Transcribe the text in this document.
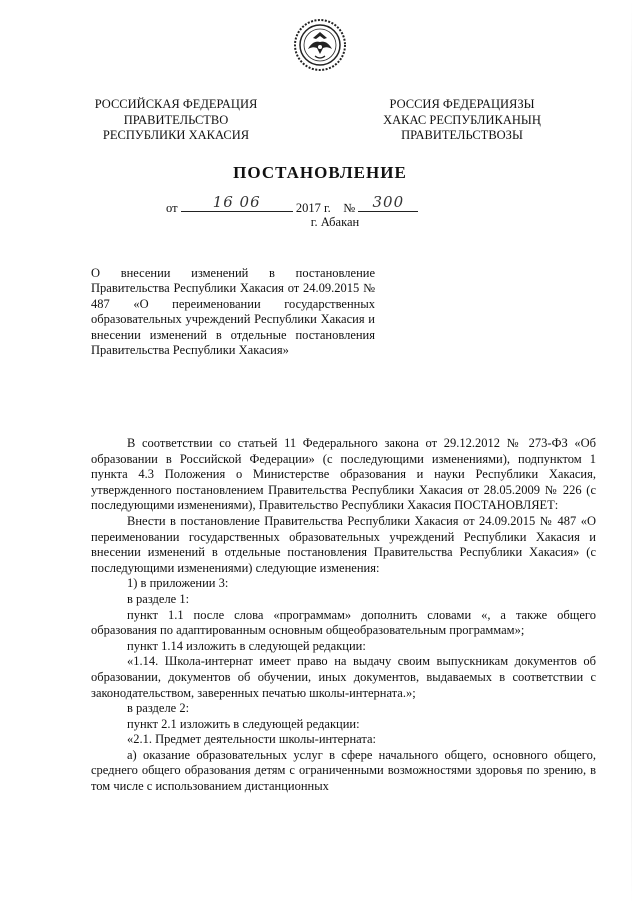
РОССИЙСКАЯ ФЕДЕРАЦИЯ
ПРАВИТЕЛЬСТВО
РЕСПУБЛИКИ ХАКАСИЯ
РОССИЯ ФЕДЕРАЦИЯЗЫ
ХАКАС РЕСПУБЛИКАНЫҢ
ПРАВИТЕЛЬСТВОЗЫ
ПОСТАНОВЛЕНИЕ
от	16 06	2017 г. №	300
г. Абакан

О внесении изменений в постановление Правительства Республики Хакасия от 24.09.2015 № 487 «О переименовании государственных образовательных учреждений Республики Хакасия и внесении изменений в отдельные постановления Правительства Республики Хакасия»

В соответствии со статьей 11 Федерального закона от 29.12.2012 № 273-ФЗ «Об образовании в Российской Федерации» (с последующими изменениями), подпунктом 1 пункта 4.3 Положения о Министерстве образования и науки Республики Хакасия, утвержденного постановлением Правительства Республики Хакасия от 28.05.2009 № 226 (с последующими изменениями), Правительство Республики Хакасия ПОСТАНОВЛЯЕТ:

Внести в постановление Правительства Республики Хакасия от 24.09.2015 № 487 «О переименовании государственных образовательных учреждений Республики Хакасия и внесении изменений в отдельные постановления Правительства Республики Хакасия» (с последующими изменениями) следующие изменения:

1) в приложении 3:

в разделе 1:

пункт 1.1 после слова «программам» дополнить словами «, а также общего образования по адаптированным основным общеобразовательным программам»;

пункт 1.14 изложить в следующей редакции:

«1.14. Школа-интернат имеет право на выдачу своим выпускникам документов об образовании, документов об обучении, иных документов, выдаваемых в соответствии с законодательством, заверенных печатью школы-интерната.»;

в разделе 2:

пункт 2.1 изложить в следующей редакции:

«2.1. Предмет деятельности школы-интерната:

а) оказание образовательных услуг в сфере начального общего, основного общего, среднего общего образования детям с ограниченными возможностями здоровья по зрению, в том числе с использованием дистанционных
